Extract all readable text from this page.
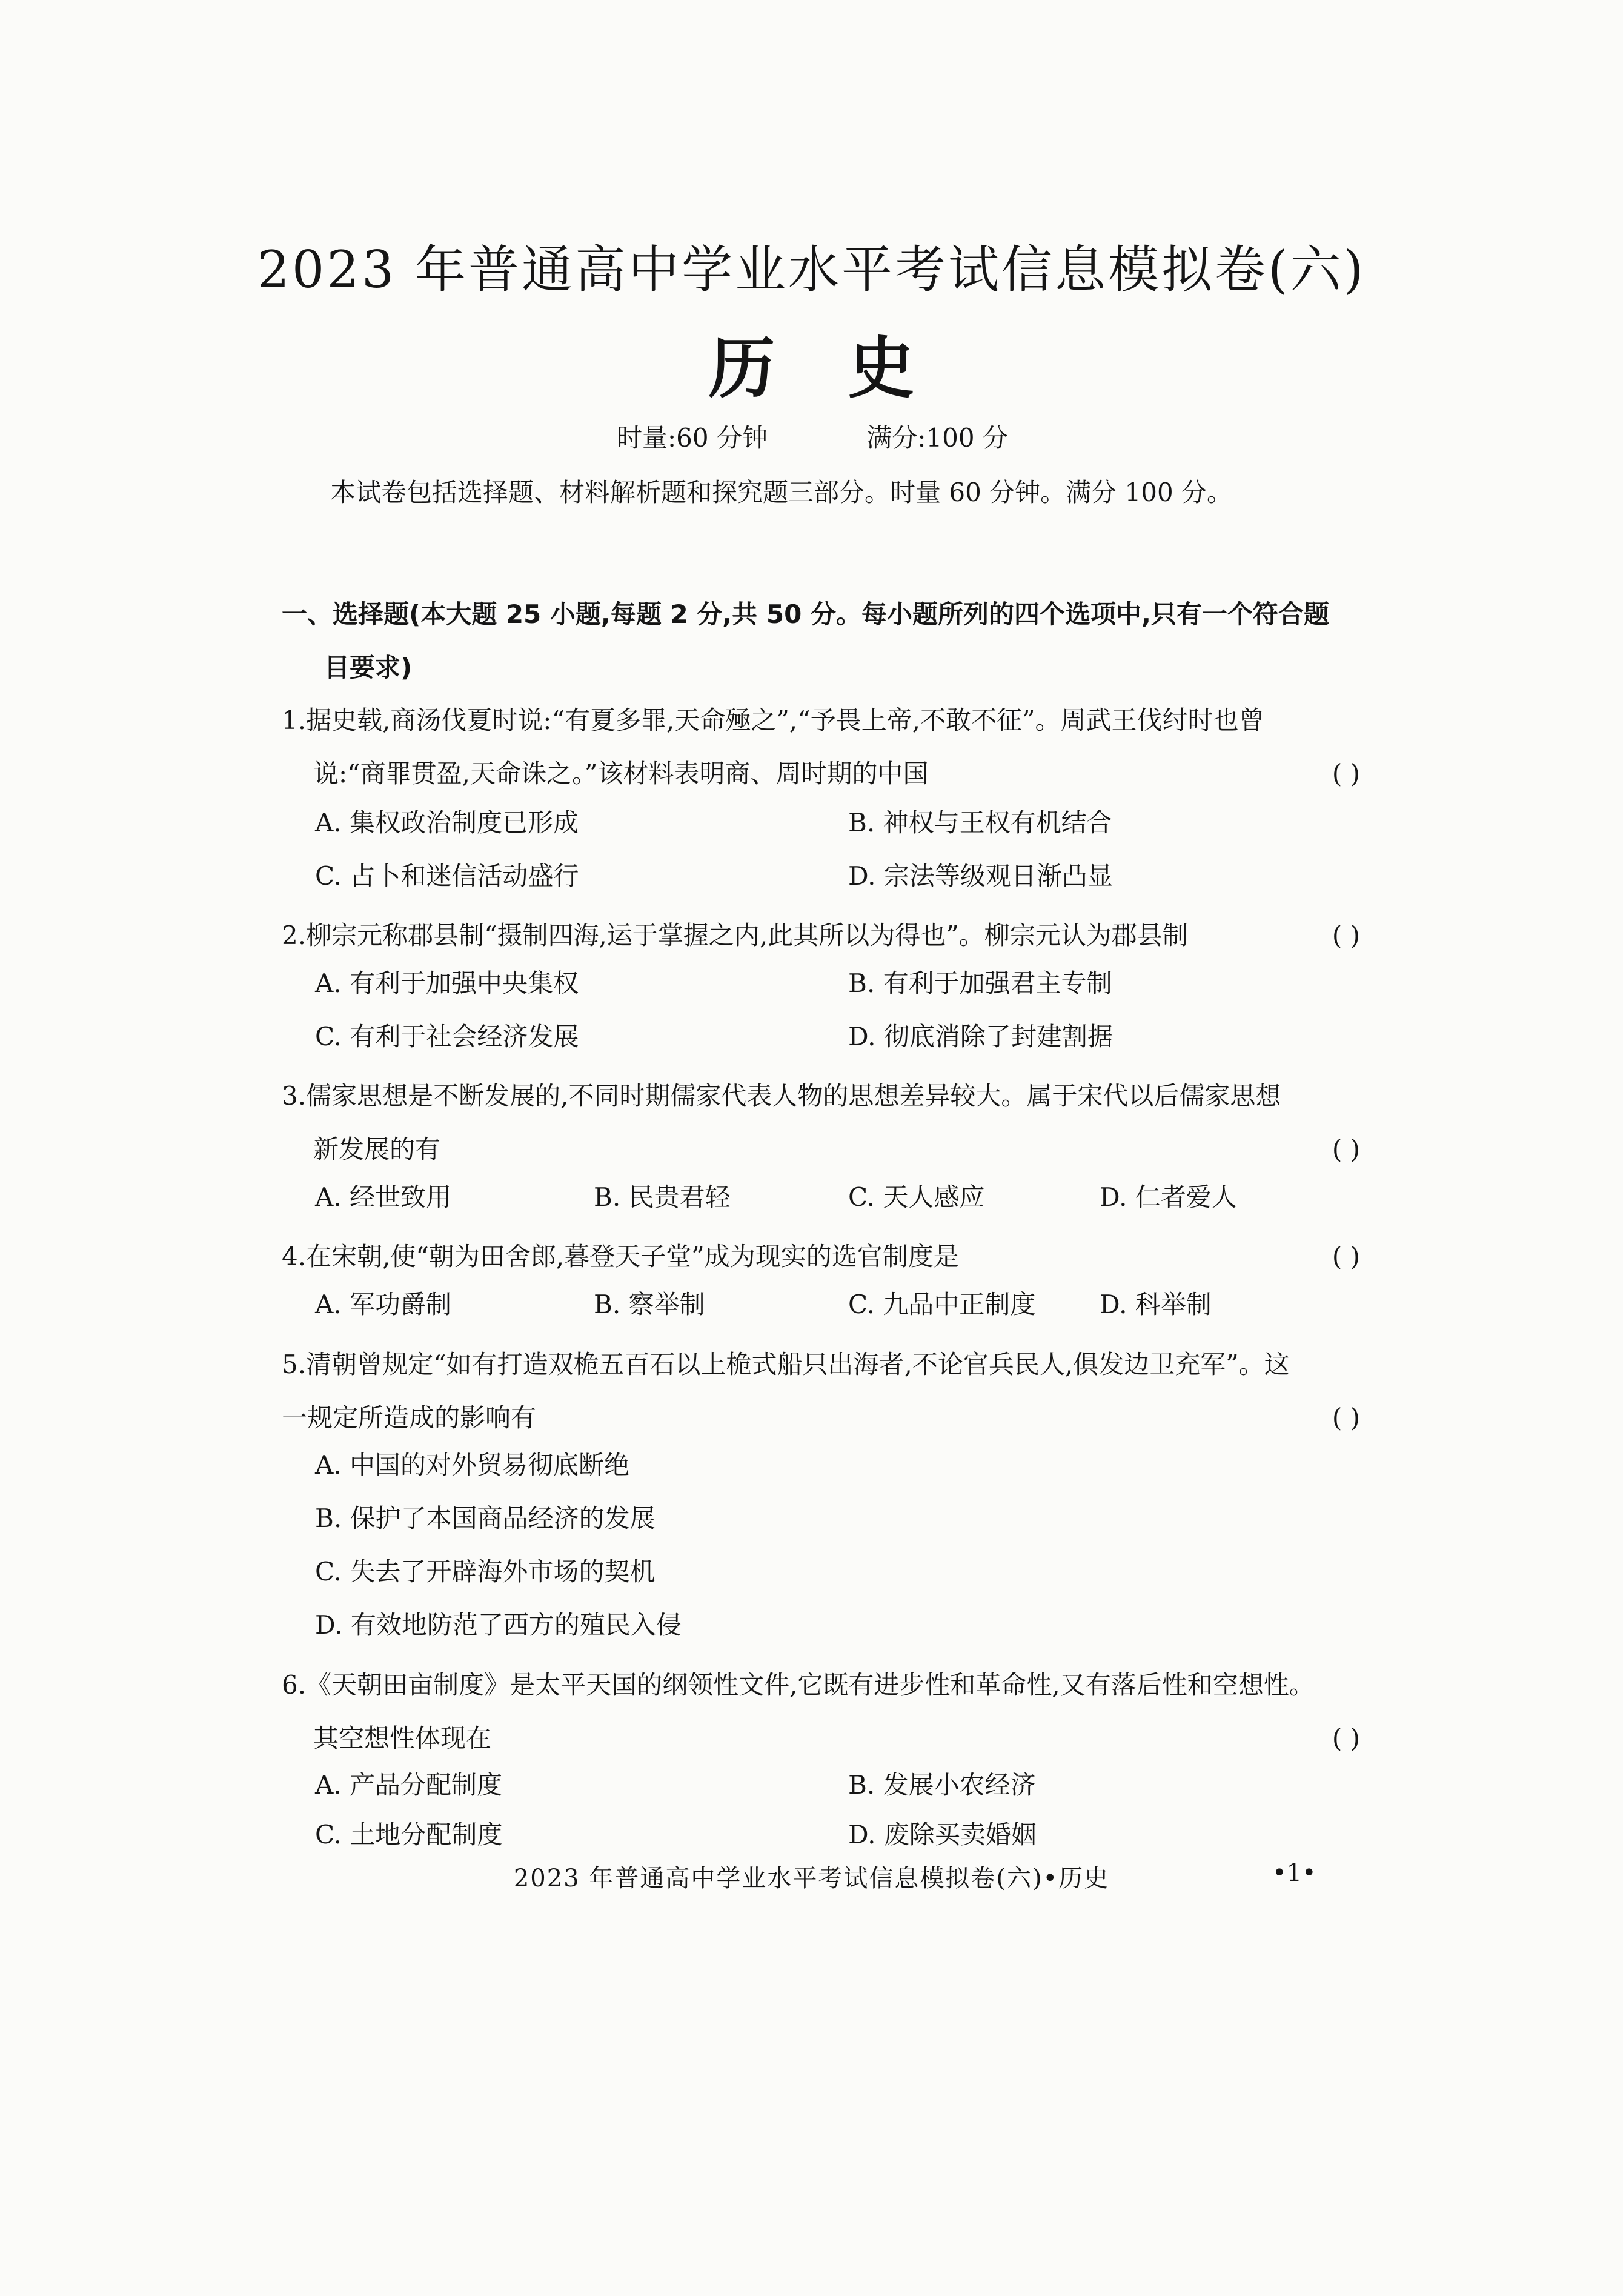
2023 年普通高中学业水平考试信息模拟卷(六)
历史
时量:60 分钟	满分:100 分
本试卷包括选择题、材料解析题和探究题三部分。时量 60 分钟。满分 100 分。
一、选择题(本大题 25 小题,每题 2 分,共 50 分。每小题所列的四个选项中,只有一个符合题
目要求)
1.据史载,商汤伐夏时说:“有夏多罪,天命殛之”,“予畏上帝,不敢不征”。周武王伐纣时也曾
说:“商罪贯盈,天命诛之。”该材料表明商、周时期的中国	( )
A. 集权政治制度已形成	B. 神权与王权有机结合
C. 占卜和迷信活动盛行	D. 宗法等级观日渐凸显
2.柳宗元称郡县制“摄制四海,运于掌握之内,此其所以为得也”。柳宗元认为郡县制	( )
A. 有利于加强中央集权	B. 有利于加强君主专制
C. 有利于社会经济发展	D. 彻底消除了封建割据
3.儒家思想是不断发展的,不同时期儒家代表人物的思想差异较大。属于宋代以后儒家思想
新发展的有	( )
A. 经世致用	B. 民贵君轻	C. 天人感应	D. 仁者爱人
4.在宋朝,使“朝为田舍郎,暮登天子堂”成为现实的选官制度是	( )
A. 军功爵制	B. 察举制	C. 九品中正制度	D. 科举制
5.清朝曾规定“如有打造双桅五百石以上桅式船只出海者,不论官兵民人,俱发边卫充军”。这
一规定所造成的影响有	( )
A. 中国的对外贸易彻底断绝
B. 保护了本国商品经济的发展
C. 失去了开辟海外市场的契机
D. 有效地防范了西方的殖民入侵
6.《天朝田亩制度》是太平天国的纲领性文件,它既有进步性和革命性,又有落后性和空想性。
其空想性体现在	( )
A. 产品分配制度	B. 发展小农经济
C. 土地分配制度	D. 废除买卖婚姻
2023 年普通高中学业水平考试信息模拟卷(六)•历史	•1•
